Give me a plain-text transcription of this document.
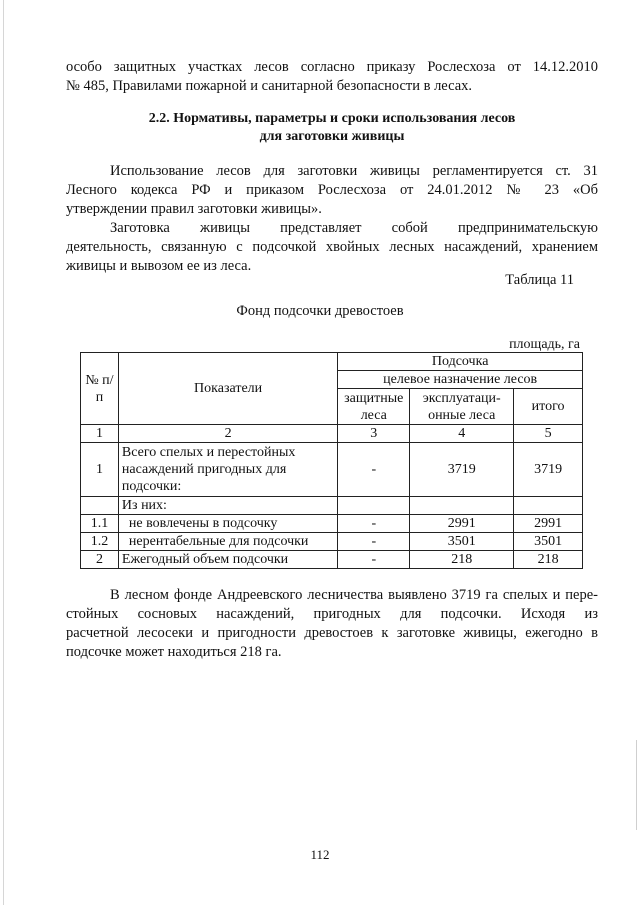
особо защитных участках лесов согласно приказу Рослесхоза от 14.12.2010
№ 485, Правилами пожарной и санитарной безопасности в лесах.
2.2. Нормативы, параметры и сроки использования лесов
для заготовки живицы
Использование лесов для заготовки живицы регламентируется ст. 31
Лесного кодекса РФ и приказом Рослесхоза от 24.01.2012 № 23 «Об
утверждении правил заготовки живицы».
Заготовка живицы представляет собой предпринимательскую
деятельность, связанную с подсочкой хвойных лесных насаждений, хранением
живицы и вывозом ее из леса.
Таблица 11
Фонд подсочки древостоев
площадь, га
№ п/п	Показатели	Подсочка		
		целевое назначение лесов		
		защитные леса	эксплуатаци-онные леса	итого
1	2	3	4	5
1	Всего спелых и перестойных насаждений пригодных для подсочки:	-	3719	3719
	Из них:			
1.1	не вовлечены в подсочку	-	2991	2991
1.2	нерентабельные для подсочки	-	3501	3501
2	Ежегодный объем подсочки	-	218	218
В лесном фонде Андреевского лесничества выявлено 3719 га спелых и пере-
стойных сосновых насаждений, пригодных для подсочки. Исходя из
расчетной лесосеки и пригодности древостоев к заготовке живицы, ежегодно в
подсочке может находиться 218 га.
112
